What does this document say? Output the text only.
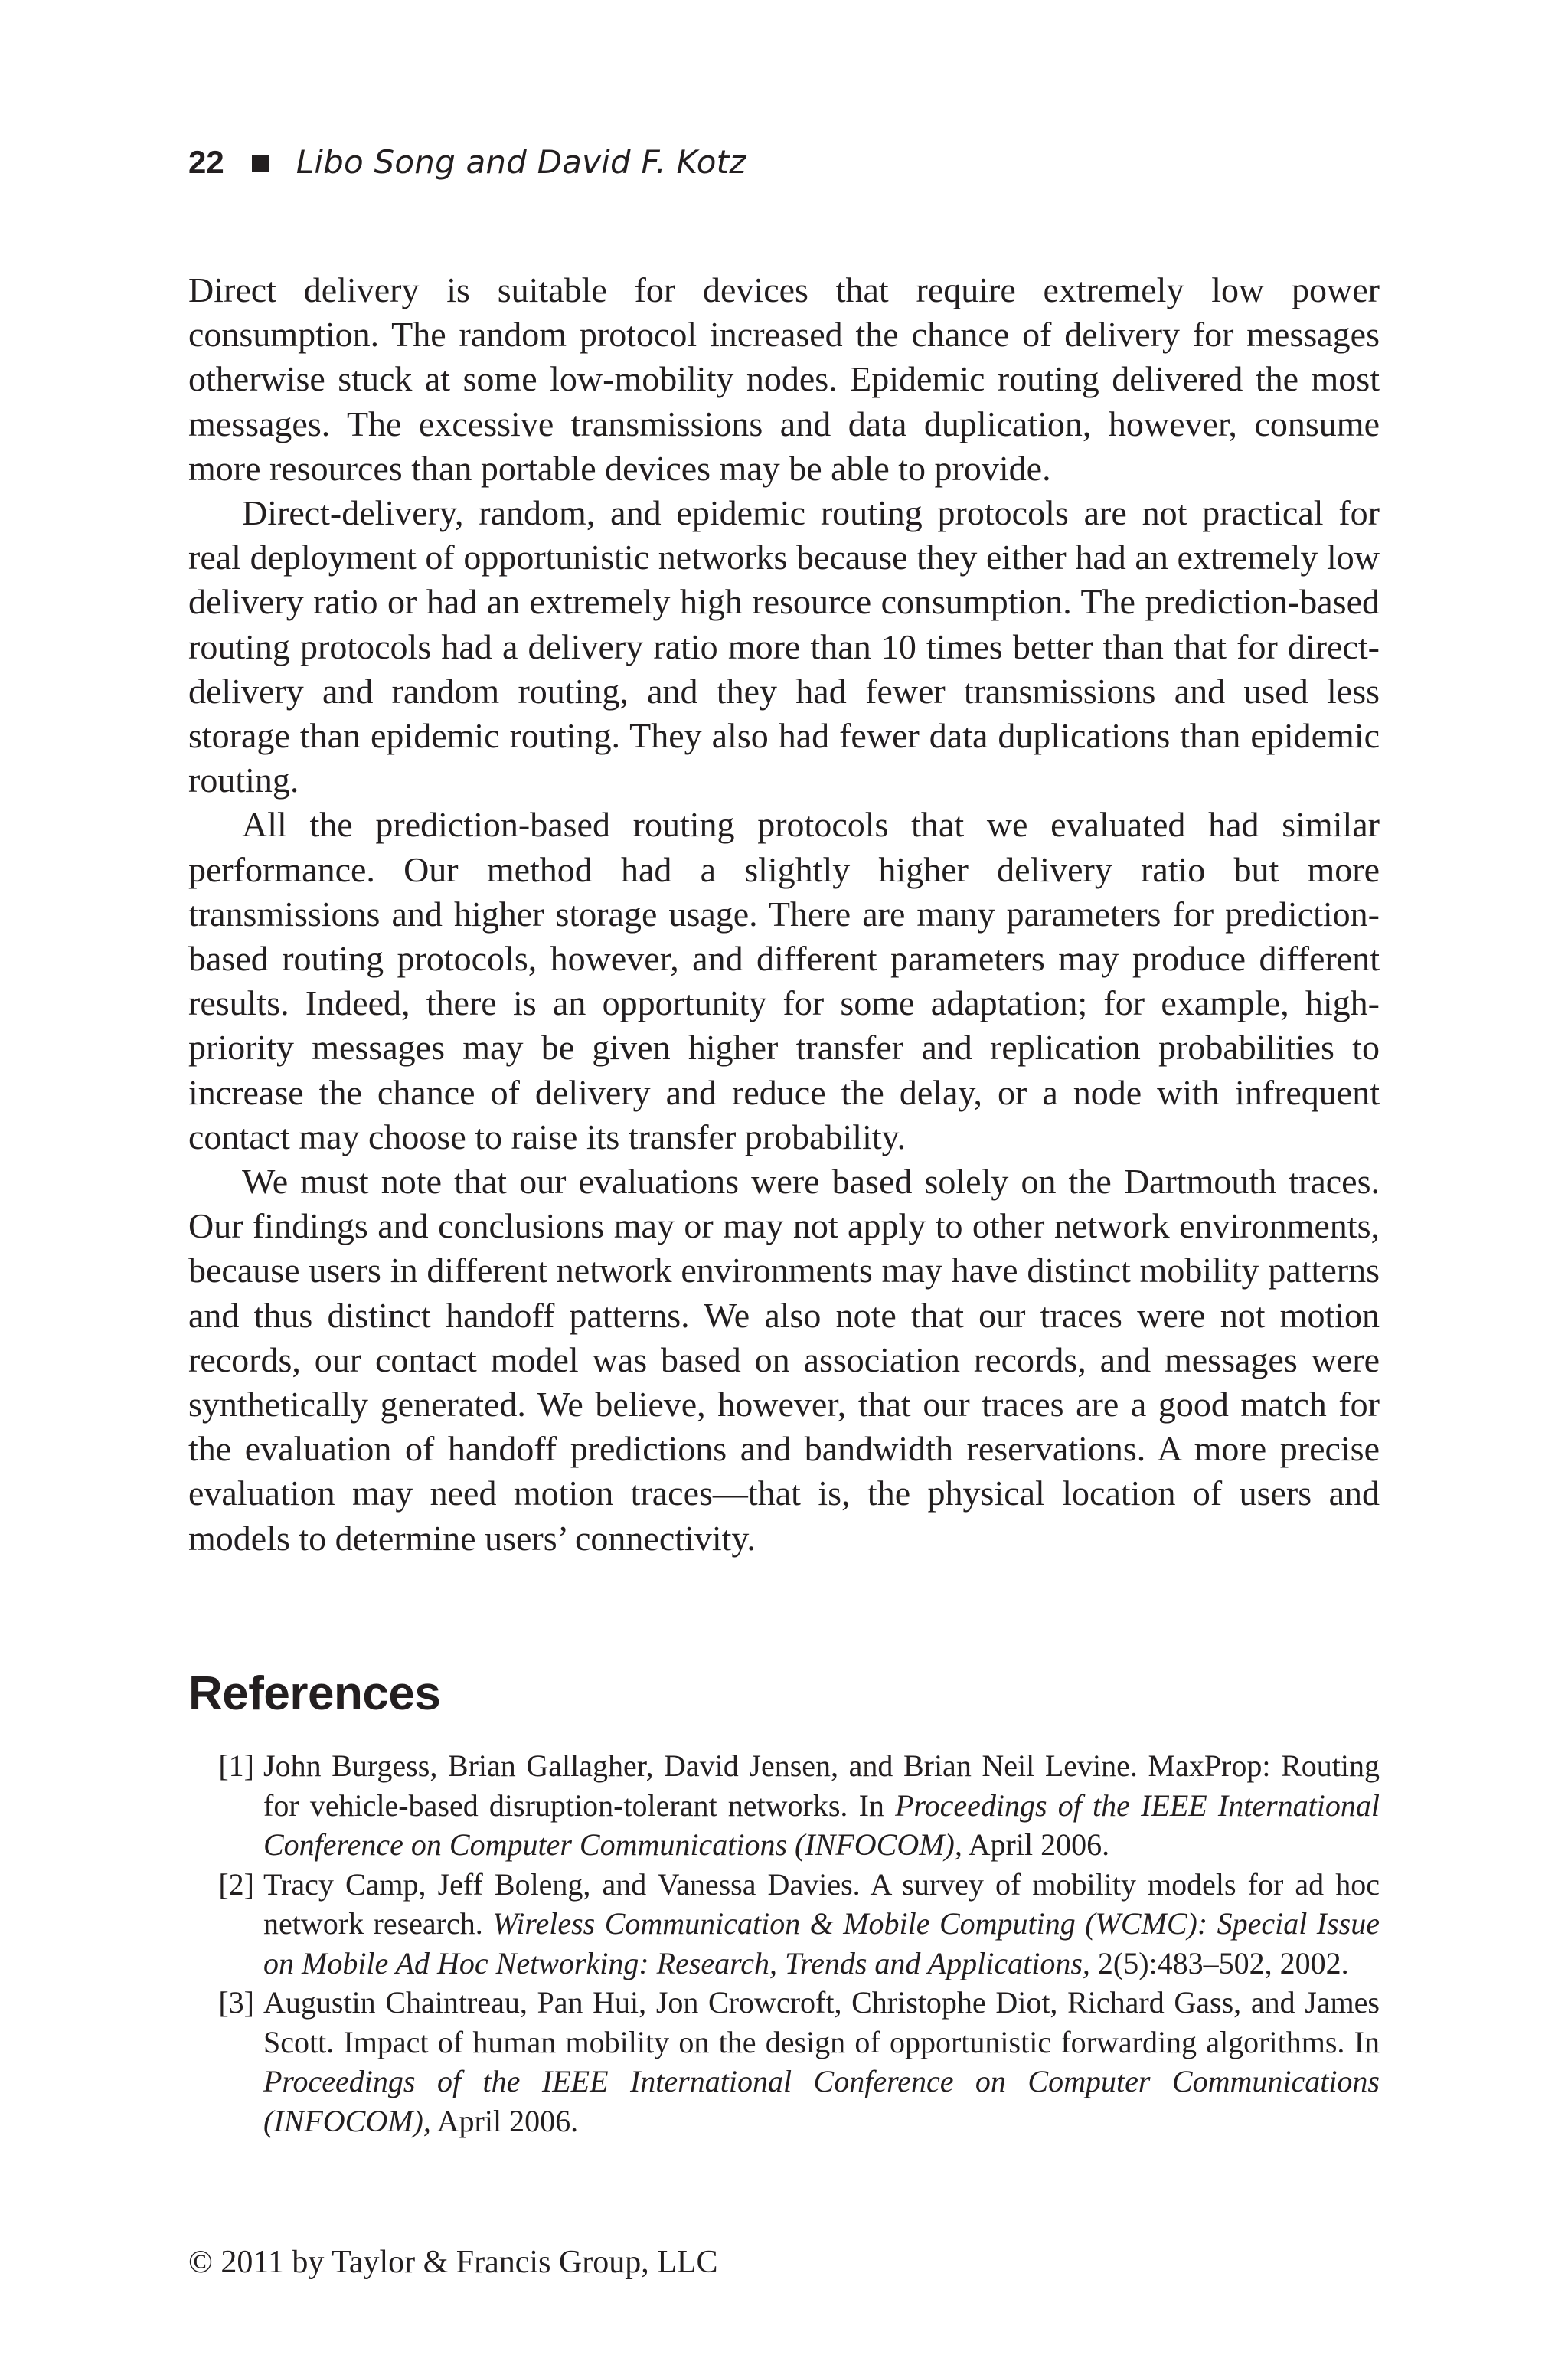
22 Libo Song and David F. Kotz

Direct delivery is suitable for devices that require extremely low power consumption. The random protocol increased the chance of delivery for messages otherwise stuck at some low-mobility nodes. Epidemic routing delivered the most messages. The excessive transmissions and data duplication, however, consume more resources than portable devices may be able to provide.

Direct-delivery, random, and epidemic routing protocols are not practical for real deployment of opportunistic networks because they either had an extremely low delivery ratio or had an extremely high resource consumption. The prediction-based routing protocols had a delivery ratio more than 10 times better than that for direct-delivery and random routing, and they had fewer transmissions and used less storage than epidemic routing. They also had fewer data duplications than epidemic routing.

All the prediction-based routing protocols that we evaluated had similar performance. Our method had a slightly higher delivery ratio but more transmissions and higher storage usage. There are many parameters for prediction-based routing protocols, however, and different parameters may produce different results. Indeed, there is an opportunity for some adaptation; for example, high-priority messages may be given higher transfer and replication probabilities to increase the chance of delivery and reduce the delay, or a node with infrequent contact may choose to raise its transfer probability.

We must note that our evaluations were based solely on the Dartmouth traces. Our findings and conclusions may or may not apply to other network environments, because users in different network environments may have distinct mobility patterns and thus distinct handoff patterns. We also note that our traces were not motion records, our contact model was based on association records, and messages were synthetically generated. We believe, however, that our traces are a good match for the evaluation of handoff predictions and bandwidth reservations. A more precise evaluation may need motion traces—that is, the physical location of users and models to determine users’ connectivity.

References
[1] John Burgess, Brian Gallagher, David Jensen, and Brian Neil Levine. MaxProp: Routing for vehicle-based disruption-tolerant networks. In Proceedings of the IEEE International Conference on Computer Communications (INFOCOM), April 2006.
[2] Tracy Camp, Jeff Boleng, and Vanessa Davies. A survey of mobility models for ad hoc network research. Wireless Communication & Mobile Computing (WCMC): Special Issue on Mobile Ad Hoc Networking: Research, Trends and Applications, 2(5):483–502, 2002.
[3] Augustin Chaintreau, Pan Hui, Jon Crowcroft, Christophe Diot, Richard Gass, and James Scott. Impact of human mobility on the design of opportunistic forwarding algorithms. In Proceedings of the IEEE International Conference on Computer Communications (INFOCOM), April 2006.
© 2011 by Taylor & Francis Group, LLC
